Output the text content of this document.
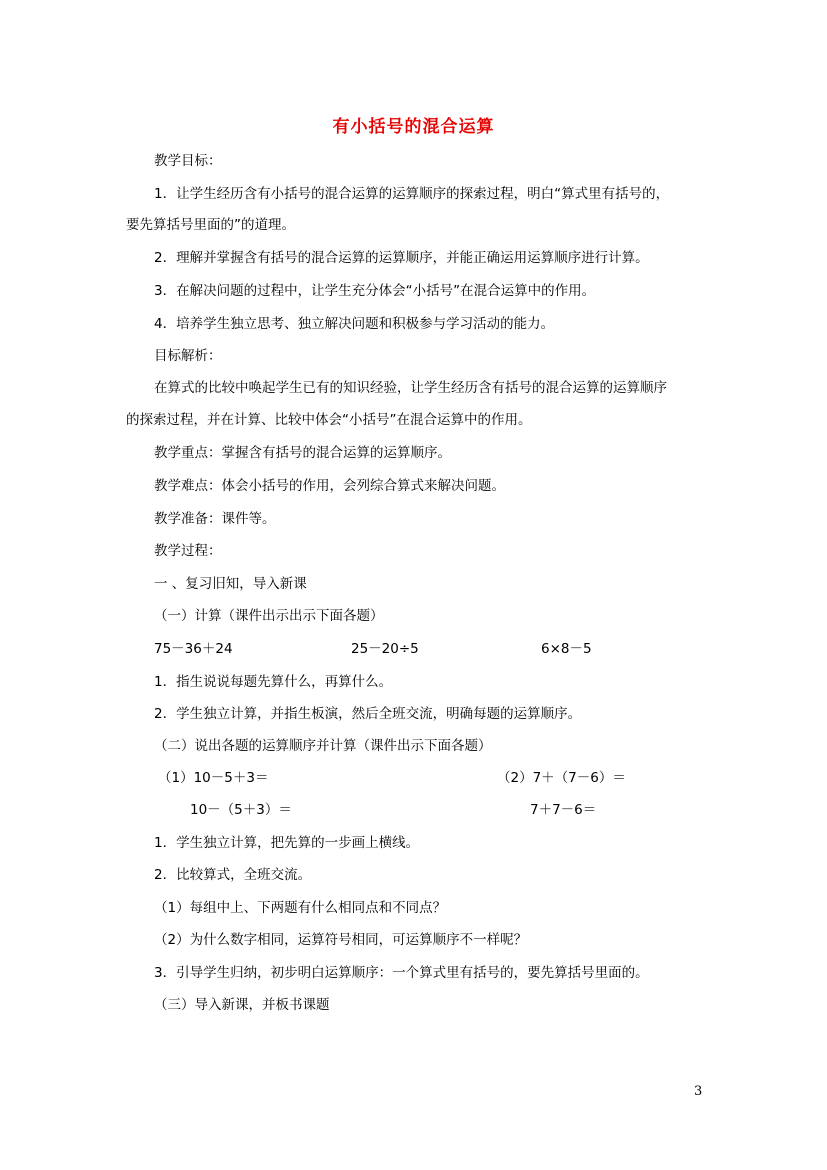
有小括号的混合运算
教学目标：
1．让学生经历含有小括号的混合运算的运算顺序的探索过程，明白“算式里有括号的，
要先算括号里面的”的道理。
2．理解并掌握含有括号的混合运算的运算顺序，并能正确运用运算顺序进行计算。
3．在解决问题的过程中，让学生充分体会“小括号”在混合运算中的作用。
4．培养学生独立思考、独立解决问题和积极参与学习活动的能力。
目标解析：
在算式的比较中唤起学生已有的知识经验，让学生经历含有括号的混合运算的运算顺序
的探索过程，并在计算、比较中体会“小括号”在混合运算中的作用。
教学重点：掌握含有括号的混合运算的运算顺序。
教学难点：体会小括号的作用，会列综合算式来解决问题。
教学准备：课件等。
教学过程：
一 、复习旧知，导入新课
（一）计算（课件出示出示下面各题）
75－36＋24	25－20÷5	6×8－5
1．指生说说每题先算什么，再算什么。
2．学生独立计算，并指生板演，然后全班交流，明确每题的运算顺序。
（二）说出各题的运算顺序并计算（课件出示下面各题）
（1）10－5＋3＝	（2）7＋（7－6）＝
10－（5＋3）＝	7＋7－6＝
1．学生独立计算，把先算的一步画上横线。
2．比较算式，全班交流。
（1）每组中上、下两题有什么相同点和不同点？
（2）为什么数字相同，运算符号相同，可运算顺序不一样呢？
3．引导学生归纳，初步明白运算顺序：一个算式里有括号的，要先算括号里面的。
（三）导入新课，并板书课题
3
